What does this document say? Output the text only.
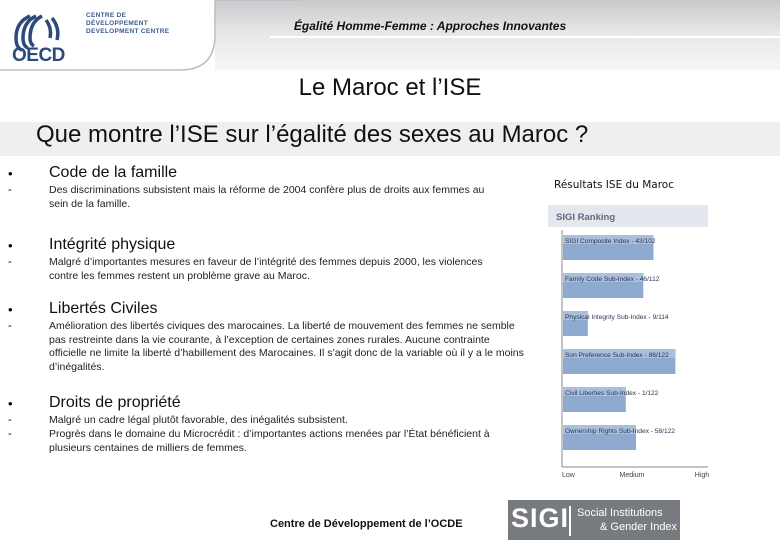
Égalité Homme-Femme : Approches Innovantes
OECD
CENTRE DE DÉVELOPPEMENT
DEVELOPMENT CENTRE
Le Maroc et l’ISE
Que montre l’ISE sur l’égalité des sexes au Maroc ?
• Code de la famille
-	Des discriminations subsistent mais la réforme de 2004 confère plus de droits aux femmes au sein de la famille.
• Intégrité physique
-	Malgré d’importantes mesures en faveur de l’intégrité des femmes depuis 2000, les violences contre les femmes restent un problème grave au Maroc.
• Libertés Civiles
-	Amélioration des libertés civiques des marocaines. La liberté de mouvement des femmes ne semble pas restreinte dans la vie courante, à l’exception de certaines zones rurales. Aucune contrainte officielle ne limite la liberté d’habillement des Marocaines. Il s’agit donc de la variable où il y a le moins d’inégalités.
• Droits de propriété
-	Malgré un cadre légal plutôt favorable, des inégalités subsistent.
-	Progrès dans le domaine du Microcrédit : d’importantes actions menées par l’État bénéficient à plusieurs centaines de milliers de femmes.
Résultats ISE du Maroc
SIGI Ranking
SIGI Composite Index - 43/102
Family Code Sub-Index - 46/112
Physical Integrity Sub-Index - 9/114
Son Preference Sub-Index - 86/122
Civil Liberties Sub-Index - 1/122
Ownership Rights Sub-Index - 58/122
Low	Medium	High
Centre de Développement de l’OCDE SIGI Social Institutions
& Gender Index
